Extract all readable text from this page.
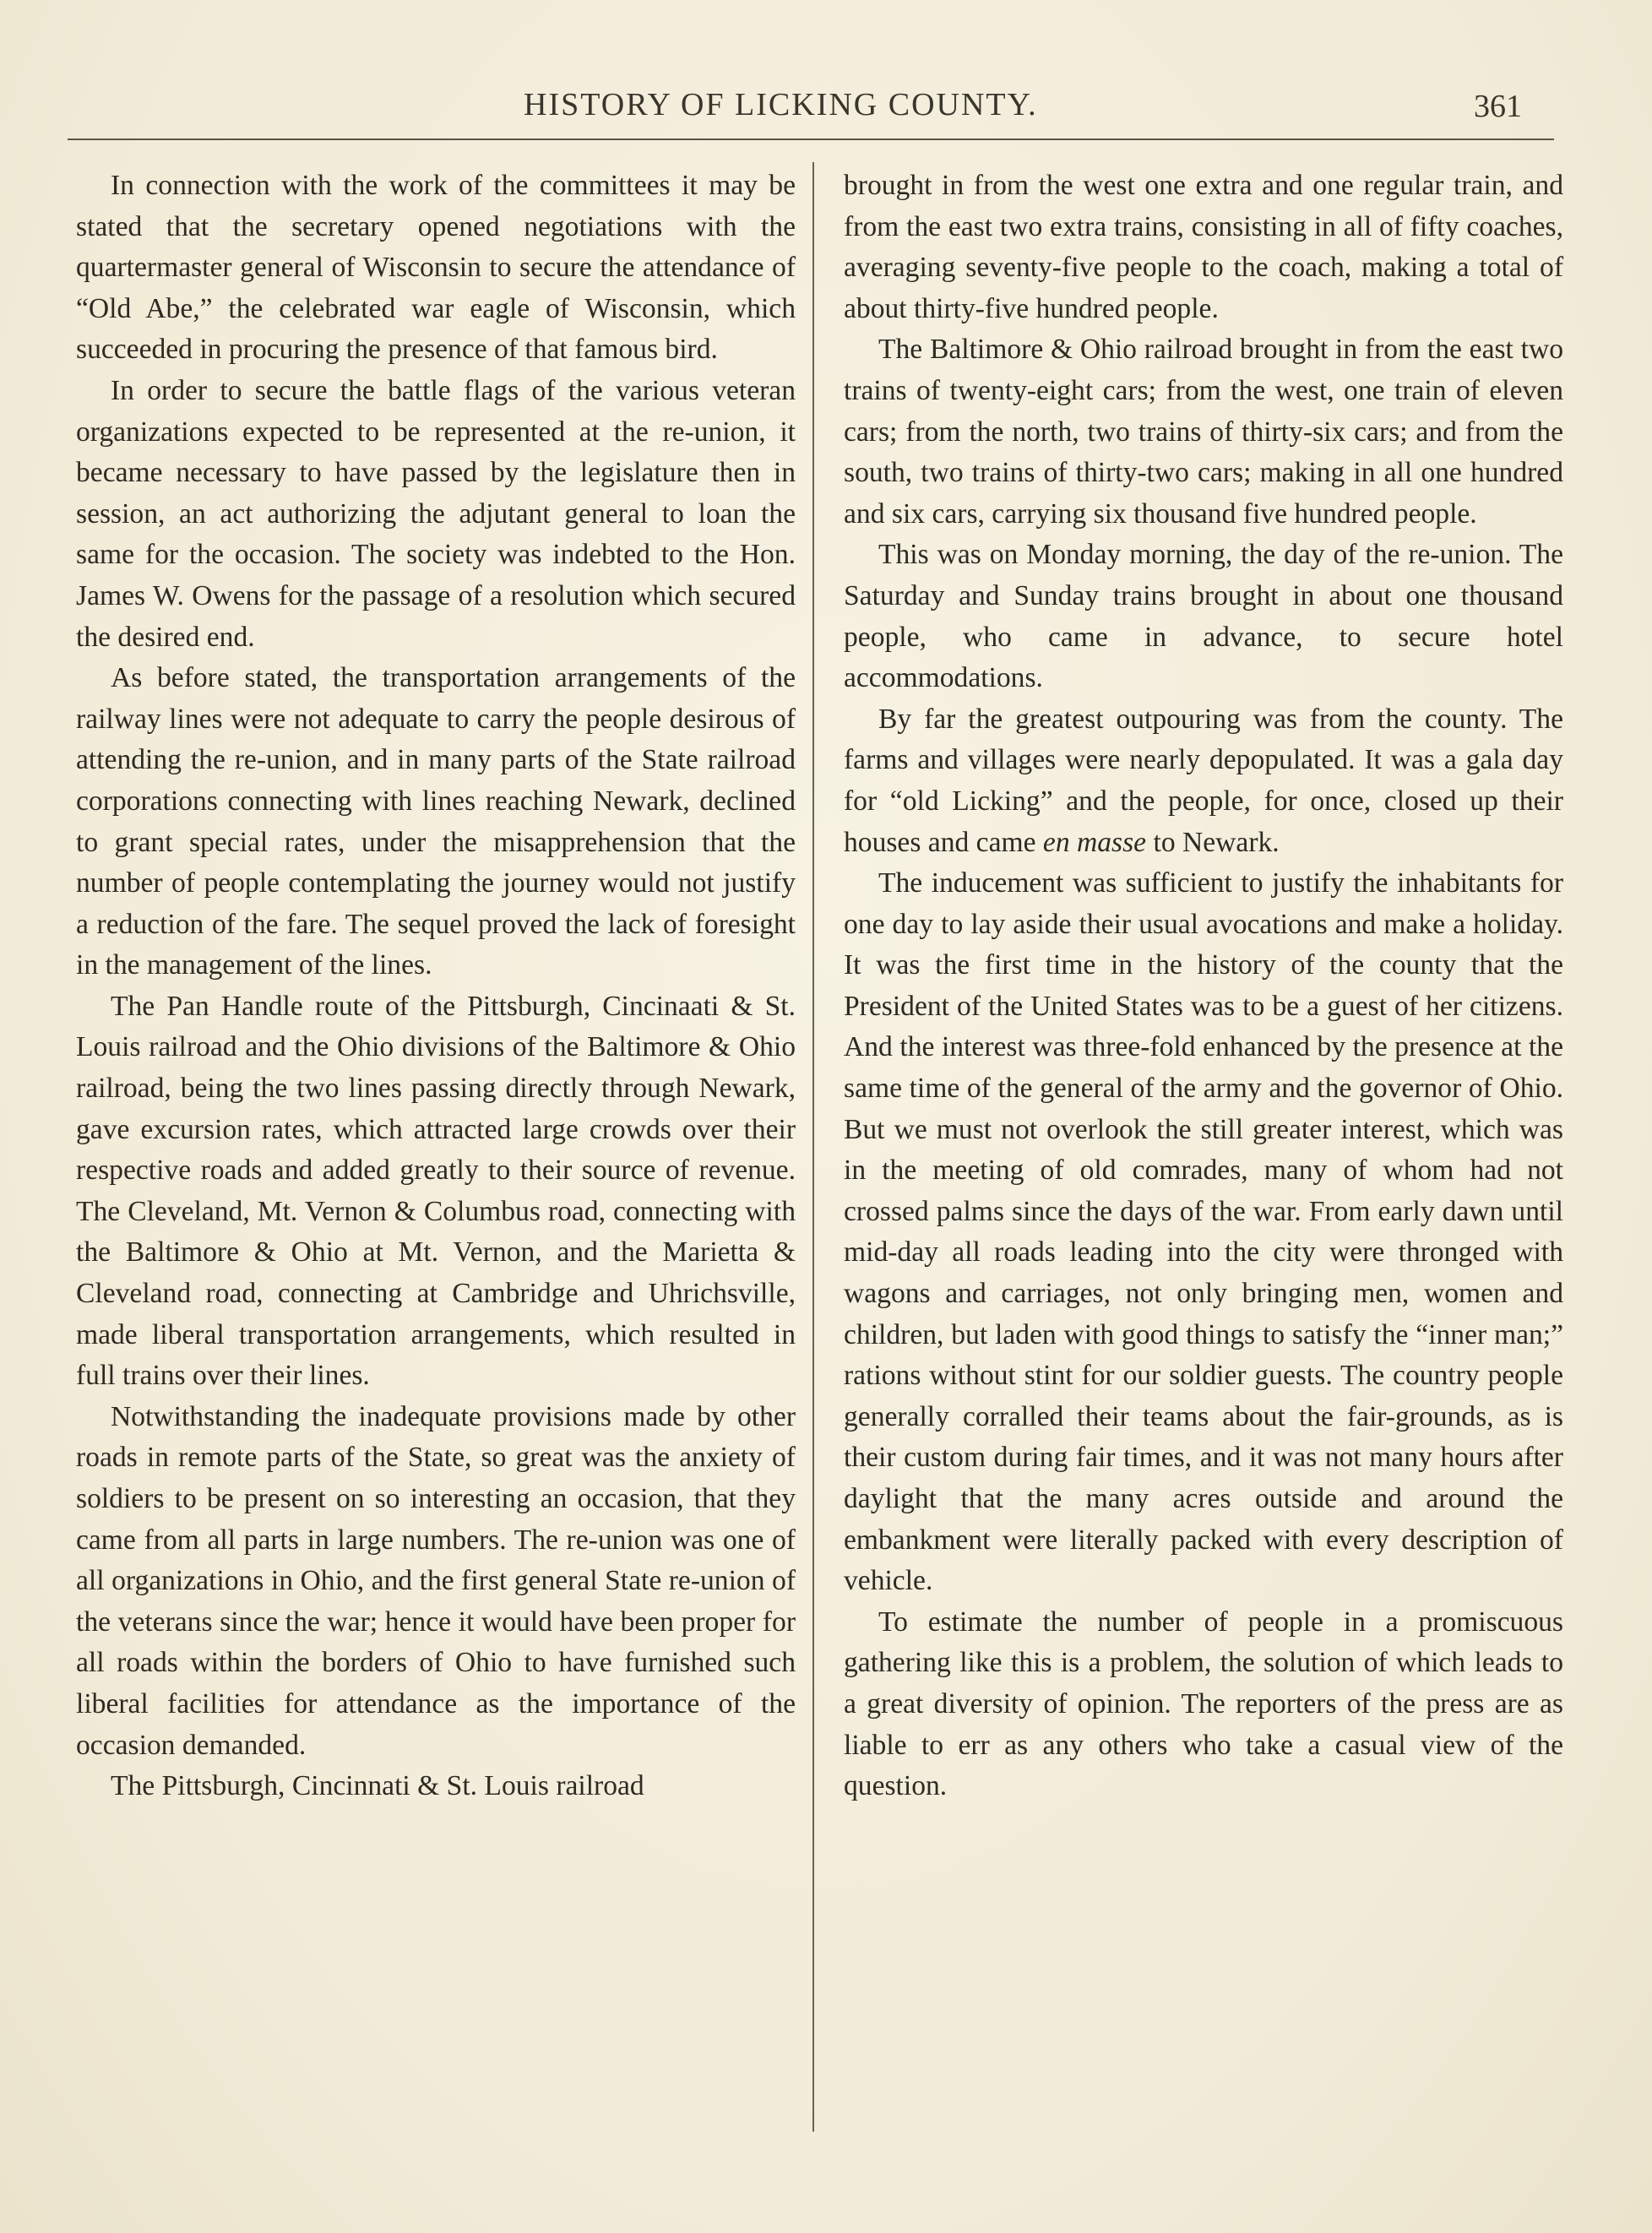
HISTORY OF LICKING COUNTY.	361

In connection with the work of the committees it may be stated that the secretary opened negotiations with the quartermaster general of Wisconsin to secure the attendance of “Old Abe,” the celebrated war eagle of Wisconsin, which succeeded in procuring the presence of that famous bird.

In order to secure the battle flags of the various veteran organizations expected to be represented at the re-union, it became necessary to have passed by the legislature then in session, an act authorizing the adjutant general to loan the same for the occasion. The society was indebted to the Hon. James W. Owens for the passage of a resolution which secured the desired end.

As before stated, the transportation arrangements of the railway lines were not adequate to carry the people desirous of attending the re-union, and in many parts of the State railroad corporations connecting with lines reaching Newark, declined to grant special rates, under the misapprehension that the number of people contemplating the journey would not justify a reduction of the fare. The sequel proved the lack of foresight in the management of the lines.

The Pan Handle route of the Pittsburgh, Cincinaati & St. Louis railroad and the Ohio divisions of the Baltimore & Ohio railroad, being the two lines passing directly through Newark, gave excursion rates, which attracted large crowds over their respective roads and added greatly to their source of revenue. The Cleveland, Mt. Vernon & Columbus road, connecting with the Baltimore & Ohio at Mt. Vernon, and the Marietta & Cleveland road, connecting at Cambridge and Uhrichsville, made liberal transportation arrangements, which resulted in full trains over their lines.

Notwithstanding the inadequate provisions made by other roads in remote parts of the State, so great was the anxiety of soldiers to be present on so interesting an occasion, that they came from all parts in large numbers. The re-union was one of all organizations in Ohio, and the first general State re-union of the veterans since the war; hence it would have been proper for all roads within the borders of Ohio to have furnished such liberal facilities for attendance as the importance of the occasion demanded.

The Pittsburgh, Cincinnati & St. Louis railroad

brought in from the west one extra and one regular train, and from the east two extra trains, consisting in all of fifty coaches, averaging seventy-five people to the coach, making a total of about thirty-five hundred people.

The Baltimore & Ohio railroad brought in from the east two trains of twenty-eight cars; from the west, one train of eleven cars; from the north, two trains of thirty-six cars; and from the south, two trains of thirty-two cars; making in all one hundred and six cars, carrying six thousand five hundred people.

This was on Monday morning, the day of the re-union. The Saturday and Sunday trains brought in about one thousand people, who came in advance, to secure hotel accommodations.

By far the greatest outpouring was from the county. The farms and villages were nearly depopulated. It was a gala day for “old Licking” and the people, for once, closed up their houses and came en masse to Newark.

The inducement was sufficient to justify the inhabitants for one day to lay aside their usual avocations and make a holiday. It was the first time in the history of the county that the President of the United States was to be a guest of her citizens. And the interest was three-fold enhanced by the presence at the same time of the general of the army and the governor of Ohio. But we must not overlook the still greater interest, which was in the meeting of old comrades, many of whom had not crossed palms since the days of the war. From early dawn until mid-day all roads leading into the city were thronged with wagons and carriages, not only bringing men, women and children, but laden with good things to satisfy the “inner man;” rations without stint for our soldier guests. The country people generally corralled their teams about the fair-grounds, as is their custom during fair times, and it was not many hours after daylight that the many acres outside and around the embankment were literally packed with every description of vehicle.

To estimate the number of people in a promiscuous gathering like this is a problem, the solution of which leads to a great diversity of opinion. The reporters of the press are as liable to err as any others who take a casual view of the question.
